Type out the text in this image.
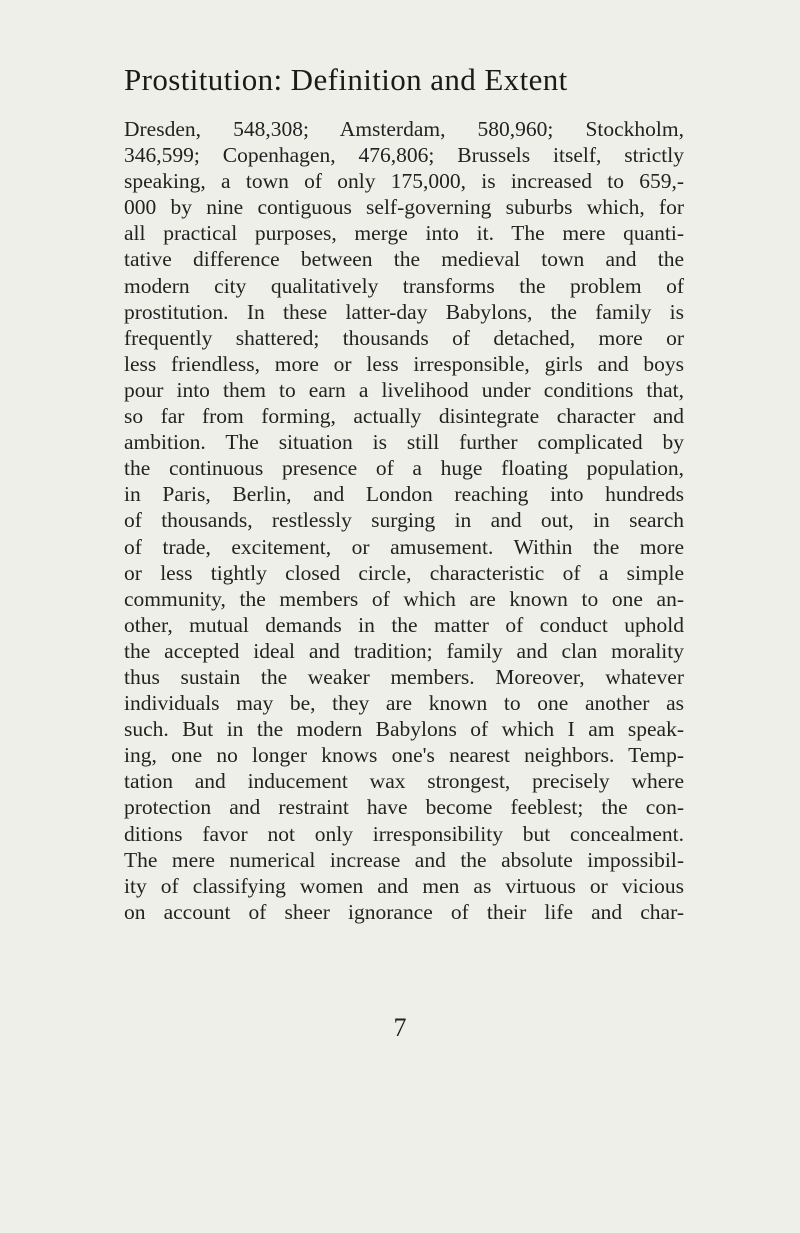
Prostitution: Definition and Extent
Dresden, 548,308; Amsterdam, 580,960; Stockholm,
346,599; Copenhagen, 476,806; Brussels itself, strictly
speaking, a town of only 175,000, is increased to 659,-
000 by nine contiguous self-governing suburbs which, for
all practical purposes, merge into it. The mere quanti-
tative difference between the medieval town and the
modern city qualitatively transforms the problem of
prostitution. In these latter-day Babylons, the family is
frequently shattered; thousands of detached, more or
less friendless, more or less irresponsible, girls and boys
pour into them to earn a livelihood under conditions that,
so far from forming, actually disintegrate character and
ambition. The situation is still further complicated by
the continuous presence of a huge floating population,
in Paris, Berlin, and London reaching into hundreds
of thousands, restlessly surging in and out, in search
of trade, excitement, or amusement. Within the more
or less tightly closed circle, characteristic of a simple
community, the members of which are known to one an-
other, mutual demands in the matter of conduct uphold
the accepted ideal and tradition; family and clan morality
thus sustain the weaker members. Moreover, whatever
individuals may be, they are known to one another as
such. But in the modern Babylons of which I am speak-
ing, one no longer knows one's nearest neighbors. Temp-
tation and inducement wax strongest, precisely where
protection and restraint have become feeblest; the con-
ditions favor not only irresponsibility but concealment.
The mere numerical increase and the absolute impossibil-
ity of classifying women and men as virtuous or vicious
on account of sheer ignorance of their life and char-
7
